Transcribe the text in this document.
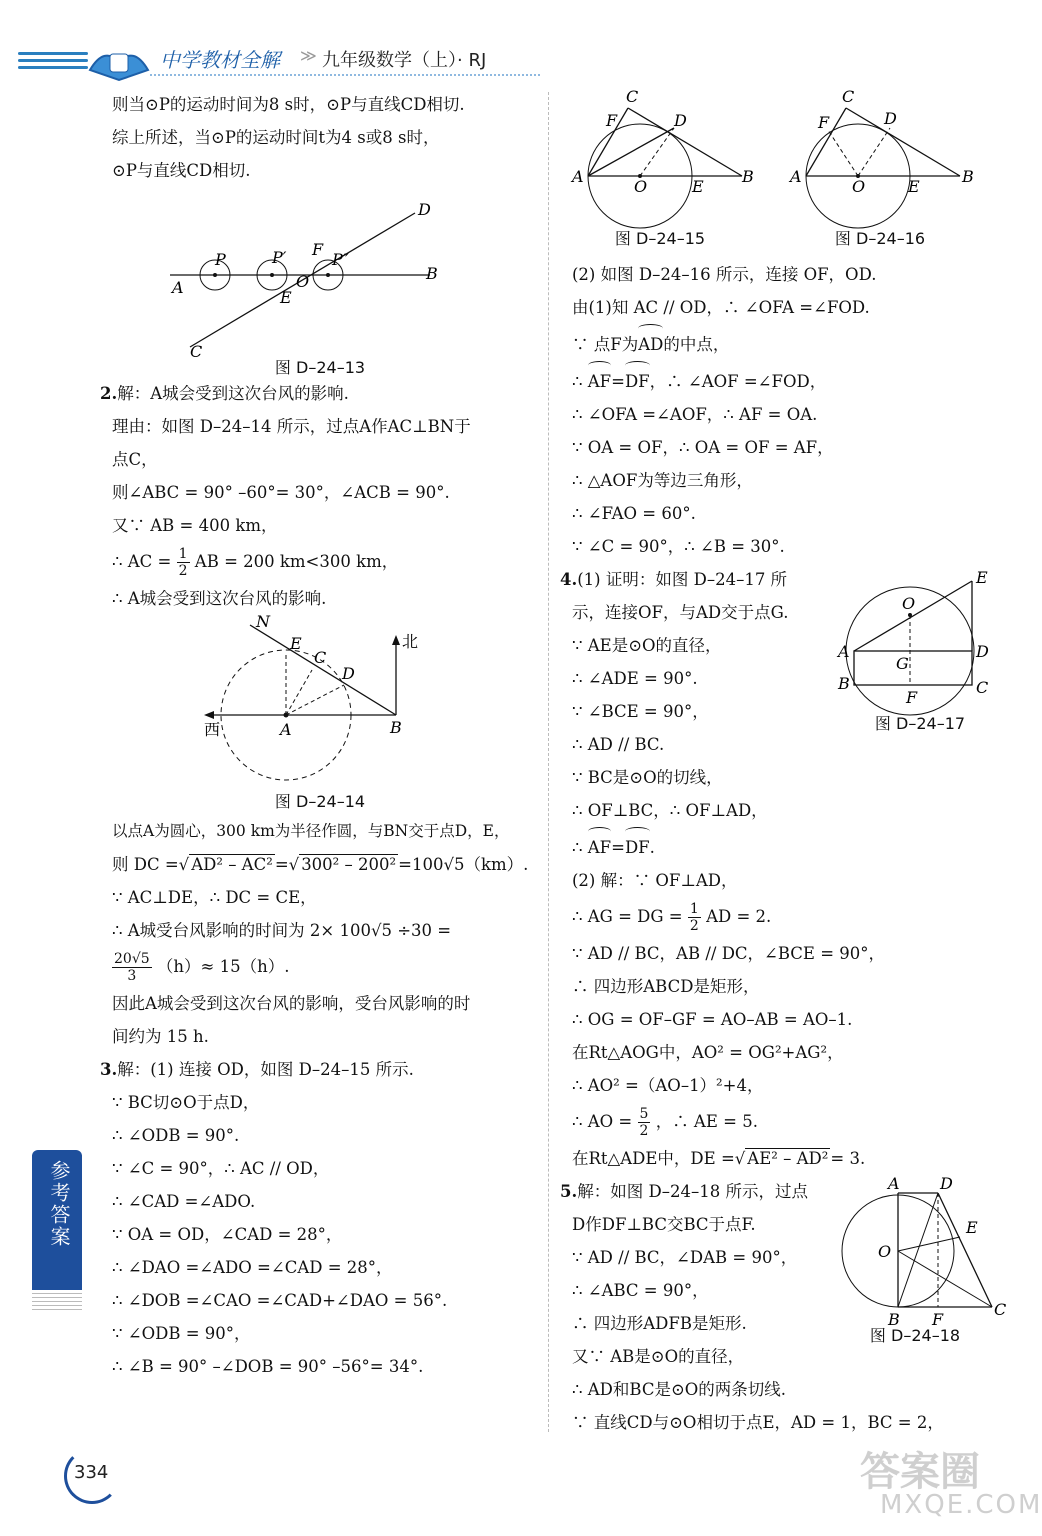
中学教材全解 ≫ 九年级数学（上）· RJ
则当⊙P的运动时间为8 s时，⊙P与直线CD相切.
综上所述，当⊙P的运动时间t为4 s或8 s时，
⊙P与直线CD相切.
D
P	P′ F
P″
B
A	O
E
C
图 D–24–13
2.解：A城会受到这次台风的影响.
理由：如图 D–24–14 所示，过点A作AC⊥BN于
点C，
则∠ABC = 90° –60°= 30°，∠ACB = 90°.
又∵ AB = 400 km，
∴ AC = $\frac{1}{2}$ AB = 200 km<300 km，
∴ A城会受到这次台风的影响.
N
E
C
D
北
西	A	B
图 D–24–14
以点A为圆心，300 km为半径作圆，与BN交于点D，E，
则 DC =√ AD² – AC² =√ 300² – 200² =100√5（km）.
∵ AC⊥DE，∴ DC = CE，
∴ A城受台风影响的时间为 2× 100√5 ÷30 =
$\frac{20√5}{3} (h)\approx 15(h)$.
因此A城会受到这次台风的影响，受台风影响的时
间约为 15 h.
3.解：(1) 连接 OD，如图 D–24–15 所示.
∵ BC切⊙O于点D，
∴ ∠ODB = 90°.
∵ ∠C = 90°，∴ AC // OD，
∴ ∠CAD =∠ADO.
∵ OA = OD，∠CAD = 28°，
∴ ∠DAO =∠ADO =∠CAD = 28°，
∴ ∠DOB =∠CAO =∠CAD+∠DAO = 56°.
∵ ∠ODB = 90°，
∴ ∠B = 90° –∠DOB = 90° –56°= 34°.
C
F	D
A
O	E
B
C
F	D
A
O	E
B
图 D–24–15	图 D–24–16
(2) 如图 D–24–16 所示，连接 OF，OD.
由(1)知 AC // OD，∴ ∠OFA =∠FOD.
∵ 点F为AD的中点，
∴ AF=DF，∴ ∠AOF =∠FOD，
∴ ∠OFA =∠AOF，∴ AF = OA.
∵ OA = OF，∴ OA = OF = AF，
∴ △AOF为等边三角形，
∴ ∠FAO = 60°.
∵ ∠C = 90°，∴ ∠B = 30°.
E
O
A
G
D
B
F
C
图 D–24–17
4.(1) 证明：如图 D–24–17 所
示，连接OF，与AD交于点G.
∵ AE是⊙O的直径，
∴ ∠ADE = 90°.
∵ ∠BCE = 90°，
∴ AD // BC.
∵ BC是⊙O的切线，
∴ OF⊥BC，∴ OF⊥AD，
∴ AF=DF.
(2) 解：∵ OF⊥AD，
∴ AG = DG = $\frac{1}{2}$ AD = 2.
∵ AD // BC，AB // DC，∠BCE = 90°，
∴ 四边形ABCD是矩形，
∴ OG = OF–GF = AO–AB = AO–1.
在Rt△AOG中，AO² = OG²+AG²，
∴ AO² =（AO–1）²+4，
∴ AO = $\frac{5}{2}$ ，∴ AE = 5.
在Rt△ADE中，DE =√ AE² – AD² = 3.
A	D
E
O
B F
C
图 D–24–18
5.解：如图 D–24–18 所示，过点
D作DF⊥BC交BC于点F.
∵ AD // BC，∠DAB = 90°，
∴ ∠ABC = 90°，
∴ 四边形ADFB是矩形.
又∵ AB是⊙O的直径，
∴ AD和BC是⊙O的两条切线.
∵ 直线CD与⊙O相切于点E，AD = 1，BC = 2，
参考答案
334	答案圈
MXQE.COM
